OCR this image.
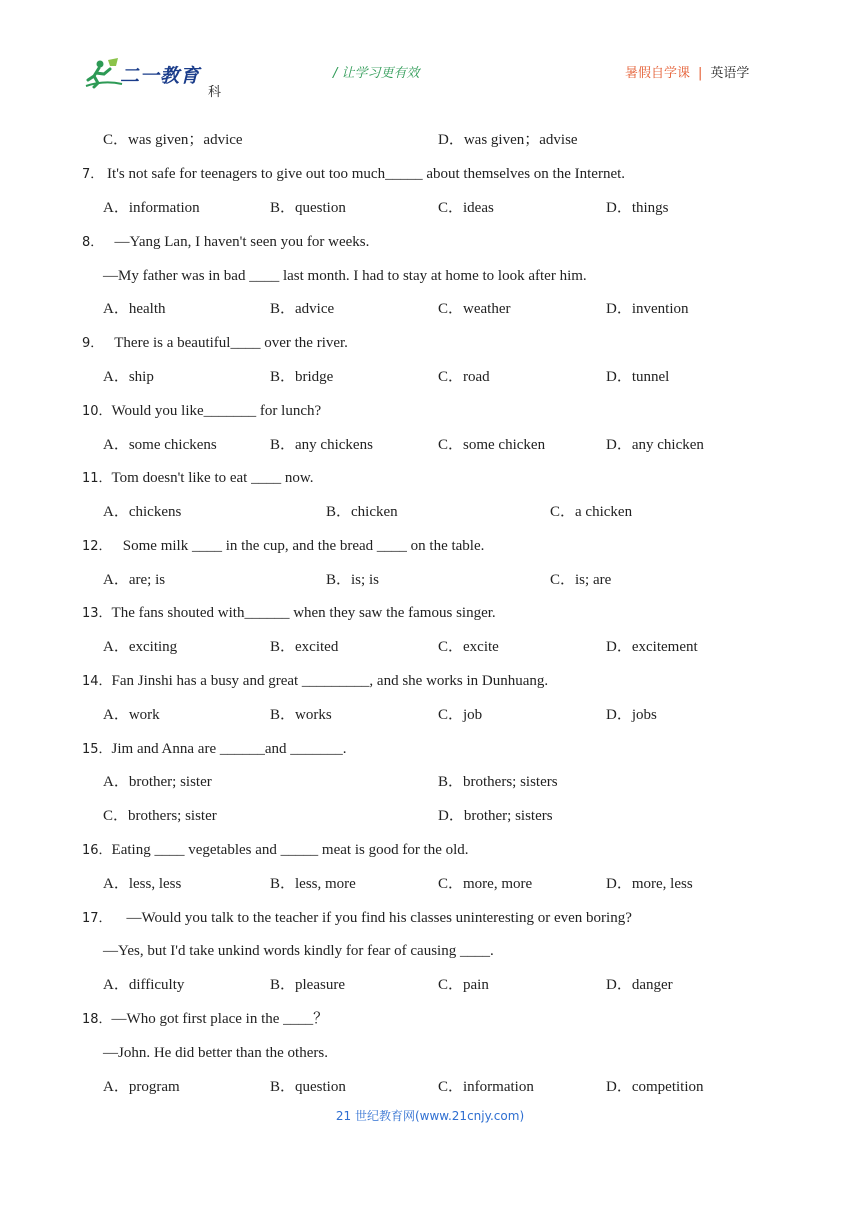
二一教育
科
/ 让学习更有效	暑假自学课 | 英语学
C．was given；advice	D．was given；advise
7． It's not safe for teenagers to give out too much_____ about themselves on the Internet.
A．information	B．question	C．ideas	D．things
8． —Yang Lan, I haven't seen you for weeks.
—My father was in bad ____ last month. I had to stay at home to look after him.
A．health	B．advice	C．weather	D．invention
9． There is a beautiful____ over the river.
A．ship	B．bridge	C．road	D．tunnel
10．Would you like_______ for lunch?
A．some chickens	B．any chickens	C．some chicken	D．any chicken
11．Tom doesn't like to eat ____ now.
A．chickens	B．chicken	C．a chicken
12． Some milk ____ in the cup, and the bread ____ on the table.
A．are; is	B．is; is	C．is; are
13．The fans shouted with______ when they saw the famous singer.
A．exciting	B．excited	C．excite	D．excitement
14．Fan Jinshi has a busy and great _________, and she works in Dunhuang.
A．work	B．works	C．job	D．jobs
15．Jim and Anna are ______and _______.
A．brother; sister	B．brothers; sisters
C．brothers; sister	D．brother; sisters
16．Eating ____ vegetables and _____ meat is good for the old.
A．less, less	B．less, more	C．more, more	D．more, less
17． —Would you talk to the teacher if you find his classes uninteresting or even boring?
—Yes, but I'd take unkind words kindly for fear of causing ____.
A．difficulty	B．pleasure	C．pain	D．danger
18．—Who got first place in the ____？
—John. He did better than the others.
A．program	B．question	C．information	D．competition
21 世纪教育网(www.21cnjy.com)
